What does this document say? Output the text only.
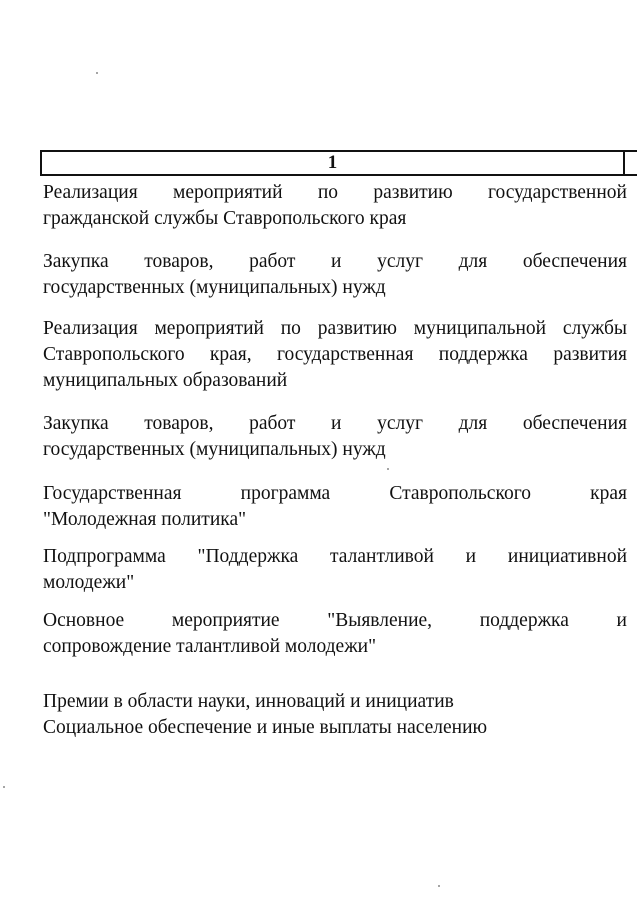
1
Реализация мероприятий по развитию государственной
гражданской службы Ставропольского края
Закупка товаров, работ и услуг для обеспечения
государственных (муниципальных) нужд
Реализация мероприятий по развитию муниципальной службы
Ставропольского края, государственная поддержка развития
муниципальных образований
Закупка товаров, работ и услуг для обеспечения
государственных (муниципальных) нужд
Государственная программа Ставропольского края
"Молодежная политика"
Подпрограмма "Поддержка талантливой и инициативной
молодежи"
Основное мероприятие "Выявление, поддержка и
сопровождение талантливой молодежи"
Премии в области науки, инноваций и инициатив
Социальное обеспечение и иные выплаты населению
